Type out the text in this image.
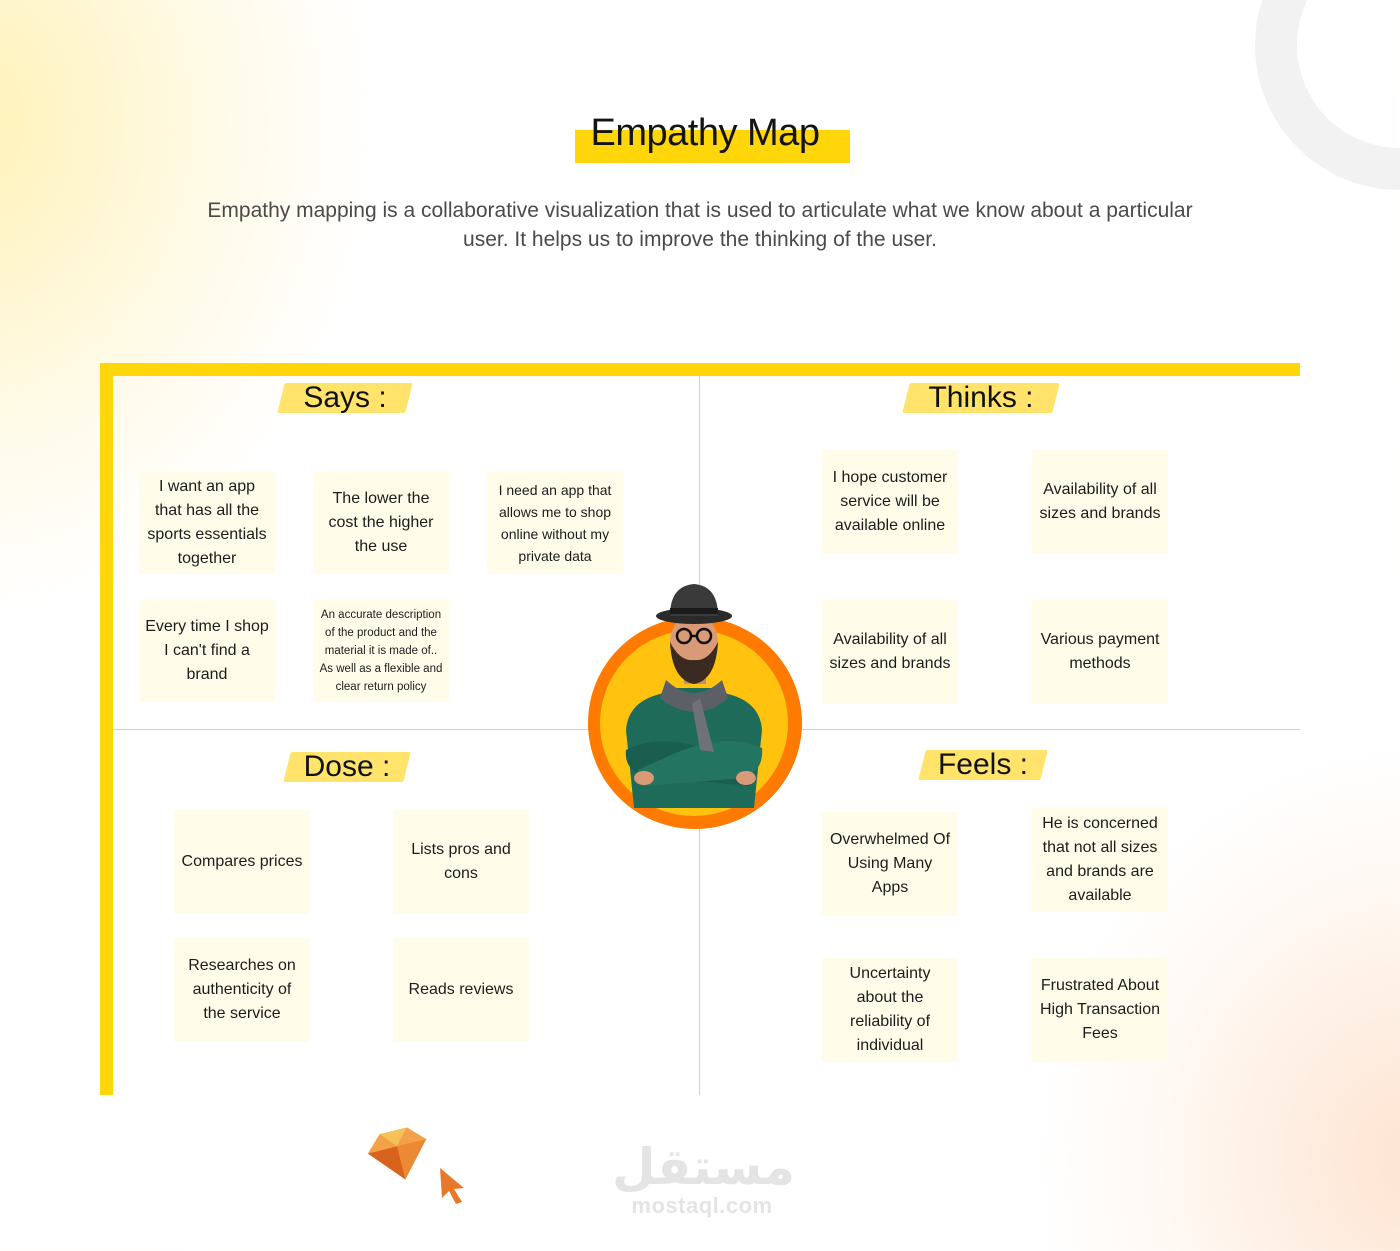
Empathy Map

Empathy mapping is a collaborative visualization that is used to articulate what we know about a particular user. It helps us to improve the thinking of the user.

Says :
I want an app that has all the sports essentials together
The lower the cost the higher the use
I need an app that allows me to shop online without my private data
Every time I shop I can't find a brand
An accurate description of the product and the material it is made of.. As well as a flexible and clear return policy
Thinks :
I hope customer service will be available online
Availability of all sizes and brands
Availability of all sizes and brands
Various payment methods
Dose :
Compares prices
Lists pros and cons
Researches on authenticity of the service
Reads reviews
Feels :
Overwhelmed Of Using Many Apps
He is concerned that not all sizes and brands are available
Uncertainty about the reliability of individual
Frustrated About High Transaction Fees
مستقل
mostaql.com
